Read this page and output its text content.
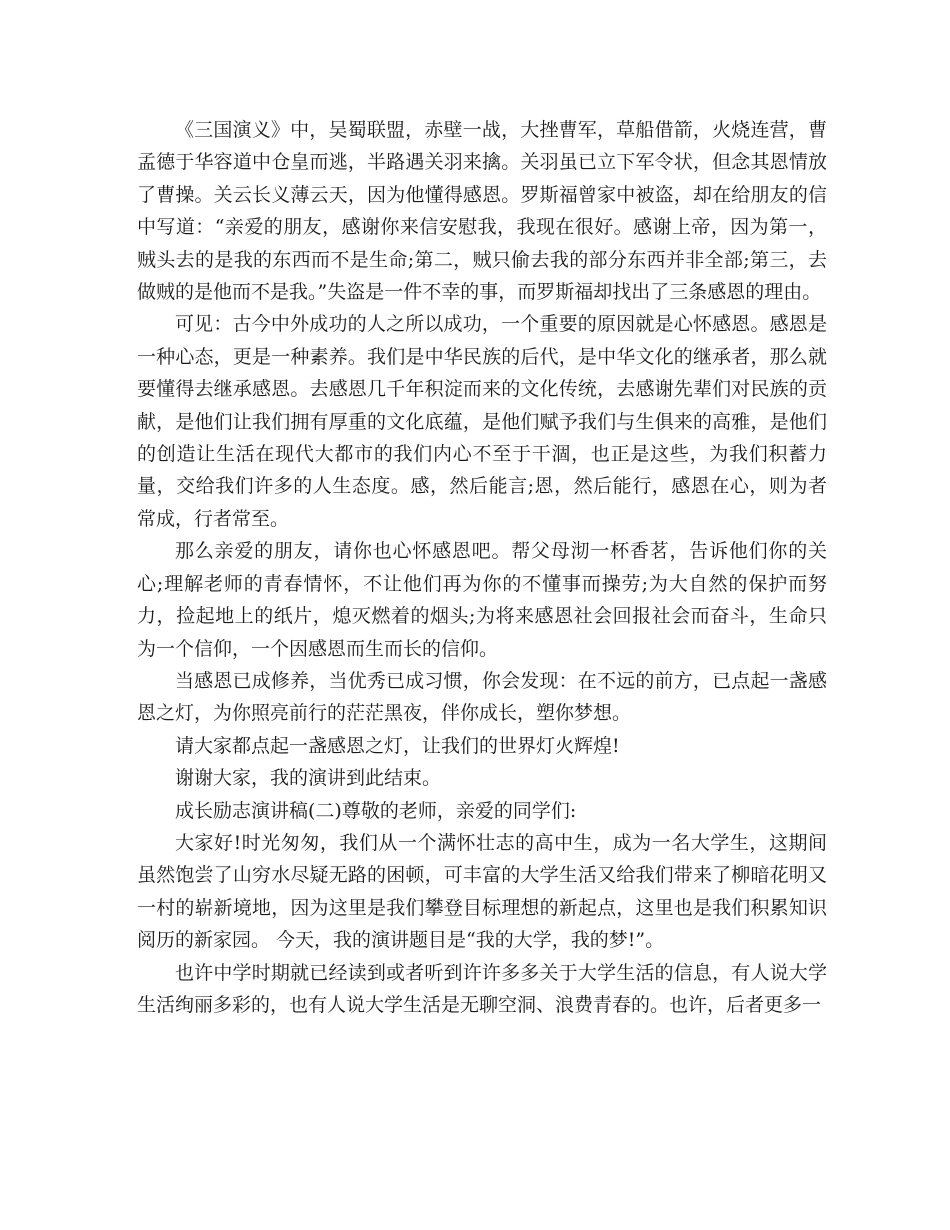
《三国演义》中，吴蜀联盟，赤壁一战，大挫曹军，草船借箭，火烧连营，曹孟德于华容道中仓皇而逃，半路遇关羽来擒。关羽虽已立下军令状，但念其恩情放了曹操。关云长义薄云天，因为他懂得感恩。罗斯福曾家中被盗，却在给朋友的信中写道：“亲爱的朋友，感谢你来信安慰我，我现在很好。感谢上帝，因为第一，贼头去的是我的东西而不是生命;第二，贼只偷去我的部分东西并非全部;第三，去做贼的是他而不是我。”失盗是一件不幸的事，而罗斯福却找出了三条感恩的理由。

可见：古今中外成功的人之所以成功，一个重要的原因就是心怀感恩。感恩是一种心态，更是一种素养。我们是中华民族的后代，是中华文化的继承者，那么就要懂得去继承感恩。去感恩几千年积淀而来的文化传统，去感谢先辈们对民族的贡献，是他们让我们拥有厚重的文化底蕴，是他们赋予我们与生俱来的高雅，是他们的创造让生活在现代大都市的我们内心不至于干涸，也正是这些，为我们积蓄力量，交给我们许多的人生态度。感，然后能言;恩，然后能行，感恩在心，则为者常成，行者常至。

那么亲爱的朋友，请你也心怀感恩吧。帮父母沏一杯香茗，告诉他们你的关心;理解老师的青春情怀，不让他们再为你的不懂事而操劳;为大自然的保护而努力，捡起地上的纸片，熄灭燃着的烟头;为将来感恩社会回报社会而奋斗，生命只为一个信仰，一个因感恩而生而长的信仰。

当感恩已成修养，当优秀已成习惯，你会发现：在不远的前方，已点起一盏感恩之灯，为你照亮前行的茫茫黑夜，伴你成长，塑你梦想。

请大家都点起一盏感恩之灯，让我们的世界灯火辉煌!

谢谢大家，我的演讲到此结束。

成长励志演讲稿(二)尊敬的老师，亲爱的同学们:

大家好!时光匆匆，我们从一个满怀壮志的高中生，成为一名大学生，这期间虽然饱尝了山穷水尽疑无路的困顿，可丰富的大学生活又给我们带来了柳暗花明又一村的崭新境地，因为这里是我们攀登目标理想的新起点，这里也是我们积累知识阅历的新家园。 今天，我的演讲题目是“我的大学，我的梦!”。

也许中学时期就已经读到或者听到许许多多关于大学生活的信息，有人说大学生活绚丽多彩的，也有人说大学生活是无聊空洞、浪费青春的。也许，后者更多一
